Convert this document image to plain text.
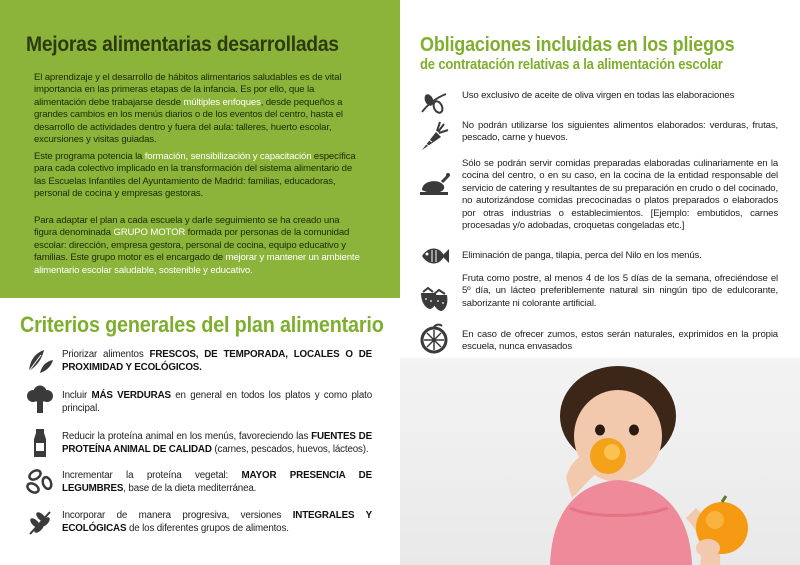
Mejoras alimentarias desarrolladas

El aprendizaje y el desarrollo de hábitos alimentarios saludables es de vital importancia en las primeras etapas de la infancia. Es por ello, que la alimentación debe trabajarse desde múltiples enfoques, desde pequeños a grandes cambios en los menús diarios o de los eventos del centro, hasta el desarrollo de actividades dentro y fuera del aula: talleres, huerto escolar, excursiones y visitas guiadas.

Este programa potencia la formación, sensibilización y capacitación específica para cada colectivo implicado en la transformación del sistema alimentario de las Escuelas Infantiles del Ayuntamiento de Madrid: familias, educadoras, personal de cocina y empresas gestoras.

Para adaptar el plan a cada escuela y darle seguimiento se ha creado una figura denominada GRUPO MOTOR formada por personas de la comunidad escolar: dirección, empresa gestora, personal de cocina, equipo educativo y familias. Este grupo motor es el encargado de mejorar y mantener un ambiente alimentario escolar saludable, sostenible y educativo.

Criterios generales del plan alimentario
Priorizar alimentos FRESCOS, DE TEMPORADA, LOCALES O DE PROXIMIDAD Y ECOLÓGICOS.
Incluir MÁS VERDURAS en general en todos los platos y como plato principal.
Reducir la proteína animal en los menús, favoreciendo las FUENTES DE PROTEÍNA ANIMAL DE CALIDAD (carnes, pescados, huevos, lácteos).
Incrementar la proteína vegetal: MAYOR PRESENCIA DE LEGUMBRES, base de la dieta mediterránea.
Incorporar de manera progresiva, versiones INTEGRALES Y ECOLÓGICAS de los diferentes grupos de alimentos.
Obligaciones incluidas en los pliegos
de contratación relativas a la alimentación escolar
Uso exclusivo de aceite de oliva virgen en todas las elaboraciones
No podrán utilizarse los siguientes alimentos elaborados: verduras, frutas, pescado, carne y huevos.
Sólo se podrán servir comidas preparadas elaboradas culinariamente en la cocina del centro, o en su caso, en la cocina de la entidad responsable del servicio de catering y resultantes de su preparación en crudo o del cocinado, no autorizándose comidas precocinadas o platos preparados o elaborados por otras industrias o establecimientos. [Ejemplo: embutidos, carnes procesadas y/o adobadas, croquetas congeladas etc.]
Eliminación de panga, tilapia, perca del Nilo en los menús.
Fruta como postre, al menos 4 de los 5 días de la semana, ofreciéndose el 5º día, un lácteo preferiblemente natural sin ningún tipo de edulcorante, saborizante ni colorante artificial.
En caso de ofrecer zumos, estos serán naturales, exprimidos en la propia escuela, nunca envasados
